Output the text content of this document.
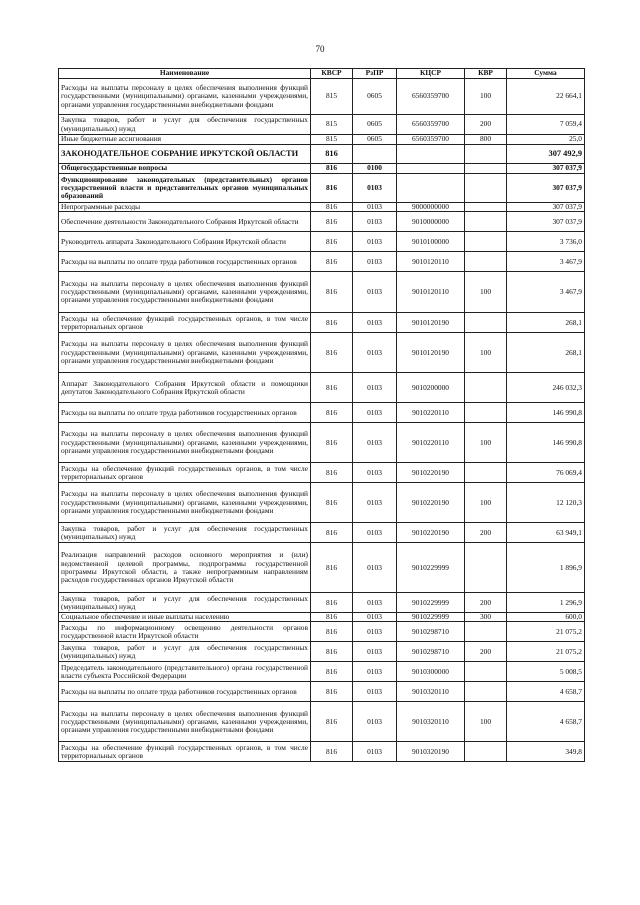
70
Наименование	КВСР	РзПР	КЦСР	КВР	Сумма
Расходы на выплаты персоналу в целях обеспечения выполнения функций государственными (муниципальными) органами, казенными учреждениями, органами управления государственными внебюджетными фондами	815	0605	6560359700	100	22 664,1
Закупка товаров, работ и услуг для обеспечения государственных (муниципальных) нужд	815	0605	6560359700	200	7 059,4
Иные бюджетные ассигнования	815	0605	6560359700	800	25,0
ЗАКОНОДАТЕЛЬНОЕ СОБРАНИЕ ИРКУТСКОЙ ОБЛАСТИ	816				307 492,9
Общегосударственные вопросы	816	0100			307 037,9
Функционирование законодательных (представительных) органов государственной власти и представительных органов муниципальных образований	816	0103			307 037,9
Непрограммные расходы	816	0103	9000000000		307 037,9
Обеспечение деятельности Законодательного Собрания Иркутской области	816	0103	9010000000		307 037,9
Руководитель аппарата Законодательного Собрания Иркутской области	816	0103	9010100000		3 736,0
Расходы на выплаты по оплате труда работников государственных органов	816	0103	9010120110		3 467,9
Расходы на выплаты персоналу в целях обеспечения выполнения функций государственными (муниципальными) органами, казенными учреждениями, органами управления государственными внебюджетными фондами	816	0103	9010120110	100	3 467,9
Расходы на обеспечение функций государственных органов, в том числе территориальных органов	816	0103	9010120190		268,1
Расходы на выплаты персоналу в целях обеспечения выполнения функций государственными (муниципальными) органами, казенными учреждениями, органами управления государственными внебюджетными фондами	816	0103	9010120190	100	268,1
Аппарат Законодательного Собрания Иркутской области и помощники депутатов Законодательного Собрания Иркутской области	816	0103	9010200000		246 032,3
Расходы на выплаты по оплате труда работников государственных органов	816	0103	9010220110		146 990,8
Расходы на выплаты персоналу в целях обеспечения выполнения функций государственными (муниципальными) органами, казенными учреждениями, органами управления государственными внебюджетными фондами	816	0103	9010220110	100	146 990,8
Расходы на обеспечение функций государственных органов, в том числе территориальных органов	816	0103	9010220190		76 069,4
Расходы на выплаты персоналу в целях обеспечения выполнения функций государственными (муниципальными) органами, казенными учреждениями, органами управления государственными внебюджетными фондами	816	0103	9010220190	100	12 120,3
Закупка товаров, работ и услуг для обеспечения государственных (муниципальных) нужд	816	0103	9010220190	200	63 949,1
Реализация направлений расходов основного мероприятия и (или) ведомственной целевой программы, подпрограммы государственной программы Иркутской области, а также непрограммным направлениям расходов государственных органов Иркутской области	816	0103	9010229999		1 896,9
Закупка товаров, работ и услуг для обеспечения государственных (муниципальных) нужд	816	0103	9010229999	200	1 296,9
Социальное обеспечение и иные выплаты населению	816	0103	9010229999	300	600,0
Расходы по информационному освещению деятельности органов государственной власти Иркутской области	816	0103	9010298710		21 075,2
Закупка товаров, работ и услуг для обеспечения государственных (муниципальных) нужд	816	0103	9010298710	200	21 075,2
Председатель законодательного (представительного) органа государственной власти субъекта Российской Федерации	816	0103	9010300000		5 008,5
Расходы на выплаты по оплате труда работников государственных органов	816	0103	9010320110		4 658,7
Расходы на выплаты персоналу в целях обеспечения выполнения функций государственными (муниципальными) органами, казенными учреждениями, органами управления государственными внебюджетными фондами	816	0103	9010320110	100	4 658,7
Расходы на обеспечение функций государственных органов, в том числе территориальных органов	816	0103	9010320190		349,8
